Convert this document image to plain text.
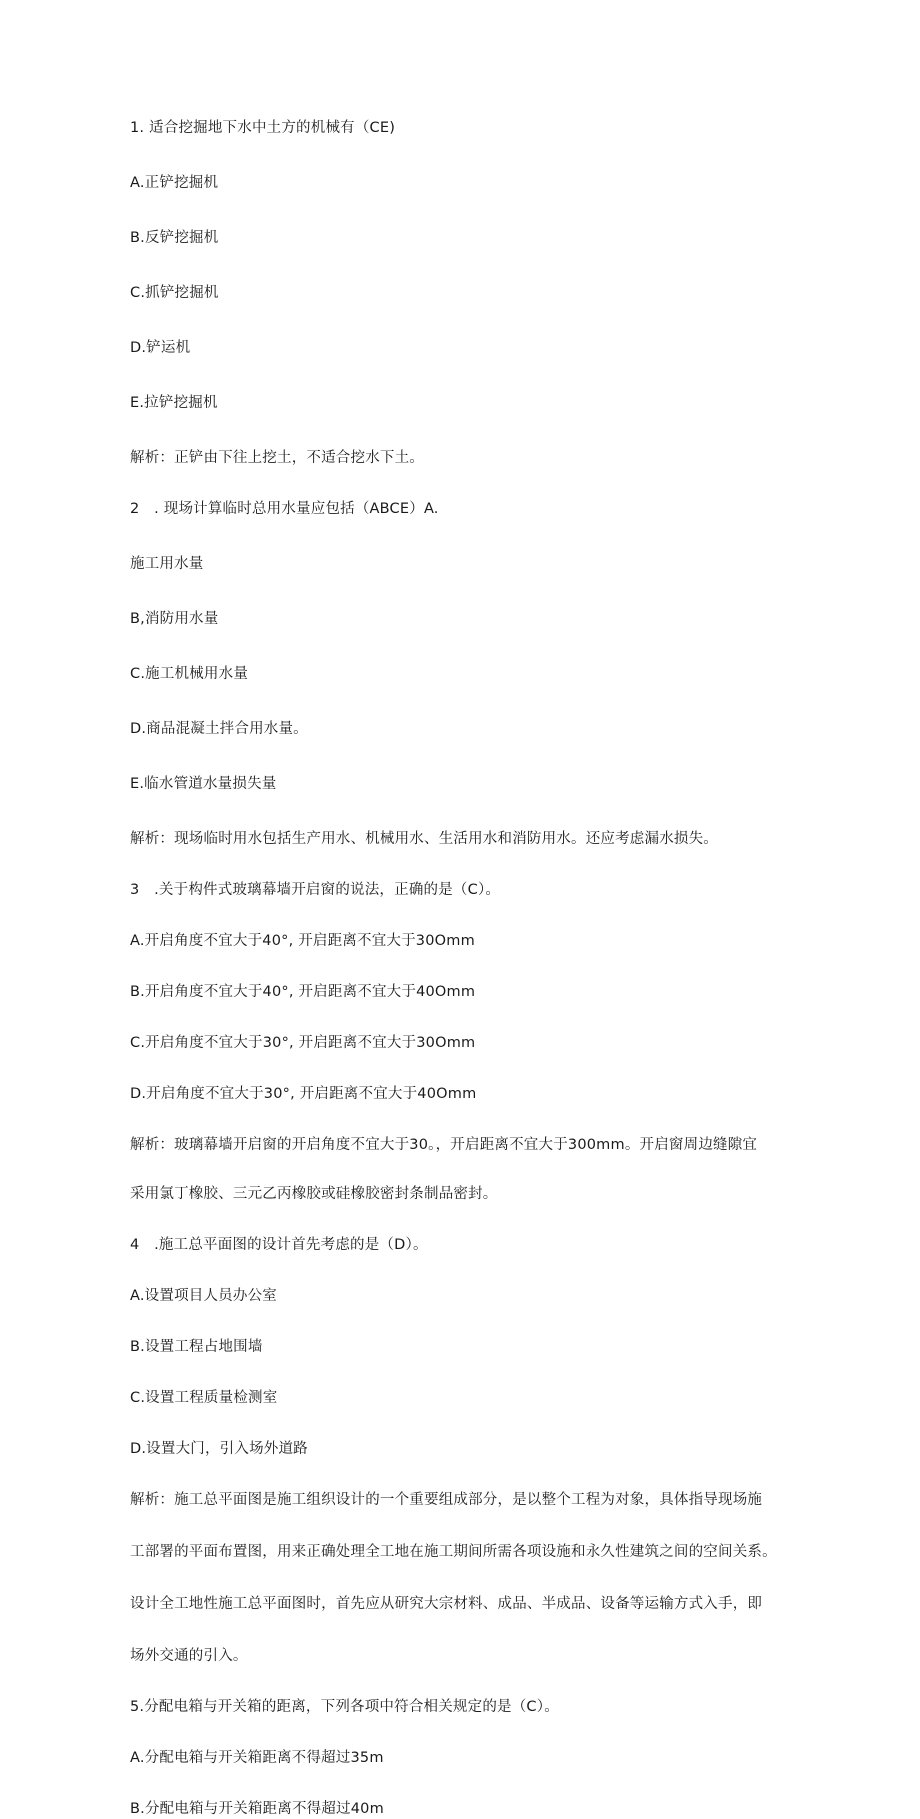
1. 适合挖掘地下水中土方的机械有（CE)
A.正铲挖掘机
B.反铲挖掘机
C.抓铲挖掘机
D.铲运机
E.拉铲挖掘机
解析：正铲由下往上挖土，不适合挖水下土。
2　. 现场计算临时总用水量应包括（ABCE）A.
施工用水量
B,消防用水量
C.施工机械用水量
D.商品混凝土拌合用水量。
E.临水管道水量损失量
解析：现场临时用水包括生产用水、机械用水、生活用水和消防用水。还应考虑漏水损失。
3　.关于构件式玻璃幕墙开启窗的说法，正确的是（C）。
A.开启角度不宜大于40°, 开启距离不宜大于30Omm
B.开启角度不宜大于40°, 开启距离不宜大于40Omm
C.开启角度不宜大于30°, 开启距离不宜大于30Omm
D.开启角度不宜大于30°, 开启距离不宜大于40Omm
解析：玻璃幕墙开启窗的开启角度不宜大于30。，开启距离不宜大于300mm。开启窗周边缝隙宜
采用氯丁橡胶、三元乙丙橡胶或硅橡胶密封条制品密封。
4　.施工总平面图的设计首先考虑的是（D）。
A.设置项目人员办公室
B.设置工程占地围墙
C.设置工程质量检测室
D.设置大门，引入场外道路
解析：施工总平面图是施工组织设计的一个重要组成部分，是以整个工程为对象，具体指导现场施
工部署的平面布置图，用来正确处理全工地在施工期间所需各项设施和永久性建筑之间的空间关系。
设计全工地性施工总平面图时，首先应从研究大宗材料、成品、半成品、设备等运输方式入手，即
场外交通的引入。
5.分配电箱与开关箱的距离，下列各项中符合相关规定的是（C）。
A.分配电箱与开关箱距离不得超过35m
B.分配电箱与开关箱距离不得超过40m
